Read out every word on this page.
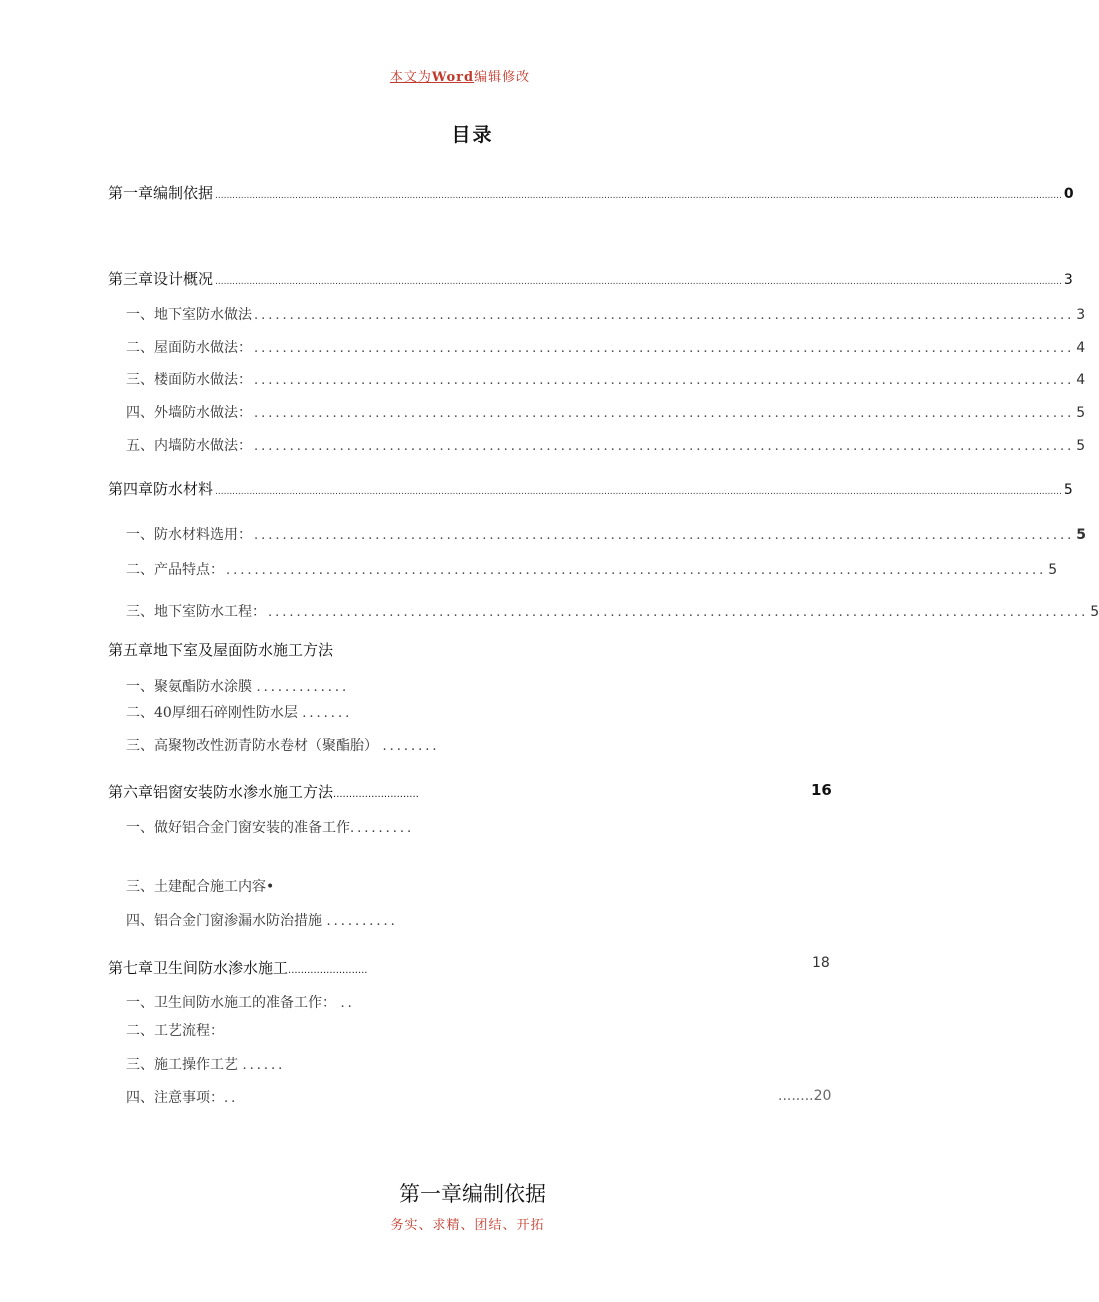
本文为Word编辑修改
目录
第一章编制依据 ........................................................................................................................................................................................................................................................................................................ 0
第三章设计概况 ........................................................................................................................................................................................................................................................................................................ 3
一、地下室防水做法 ................................................................................................................... 3
二、屋面防水做法： ................................................................................................................... 4
三、楼面防水做法： ................................................................................................................... 4
四、外墙防水做法： ................................................................................................................... 5
五、内墙防水做法： ................................................................................................................... 5
第四章防水材料 ........................................................................................................................................................................................................................................................................................................ 5
一、防水材料选用： ................................................................................................................... 5
二、产品特点： ................................................................................................................... 5
三、地下室防水工程： ................................................................................................................... 5
第五章地下室及屋面防水施工方法
一、聚氨酯防水涂膜 .............
二、40厚细石碎刚性防水层 .......
三、高聚物改性沥青防水卷材（聚酯胎） ........
第六章铝窗安装防水渗水施工方法...........................	16
一、做好铝合金门窗安装的准备工作.........
三、土建配合施工内容•
四、铝合金门窗渗漏水防治措施 ..........
第七章卫生间防水渗水施工.........................	18
一、卫生间防水施工的准备工作： ..
二、工艺流程：
三、施工操作工艺 ......
四、注意事项：..	........20
第一章编制依据
务实、求精、团结、开拓
